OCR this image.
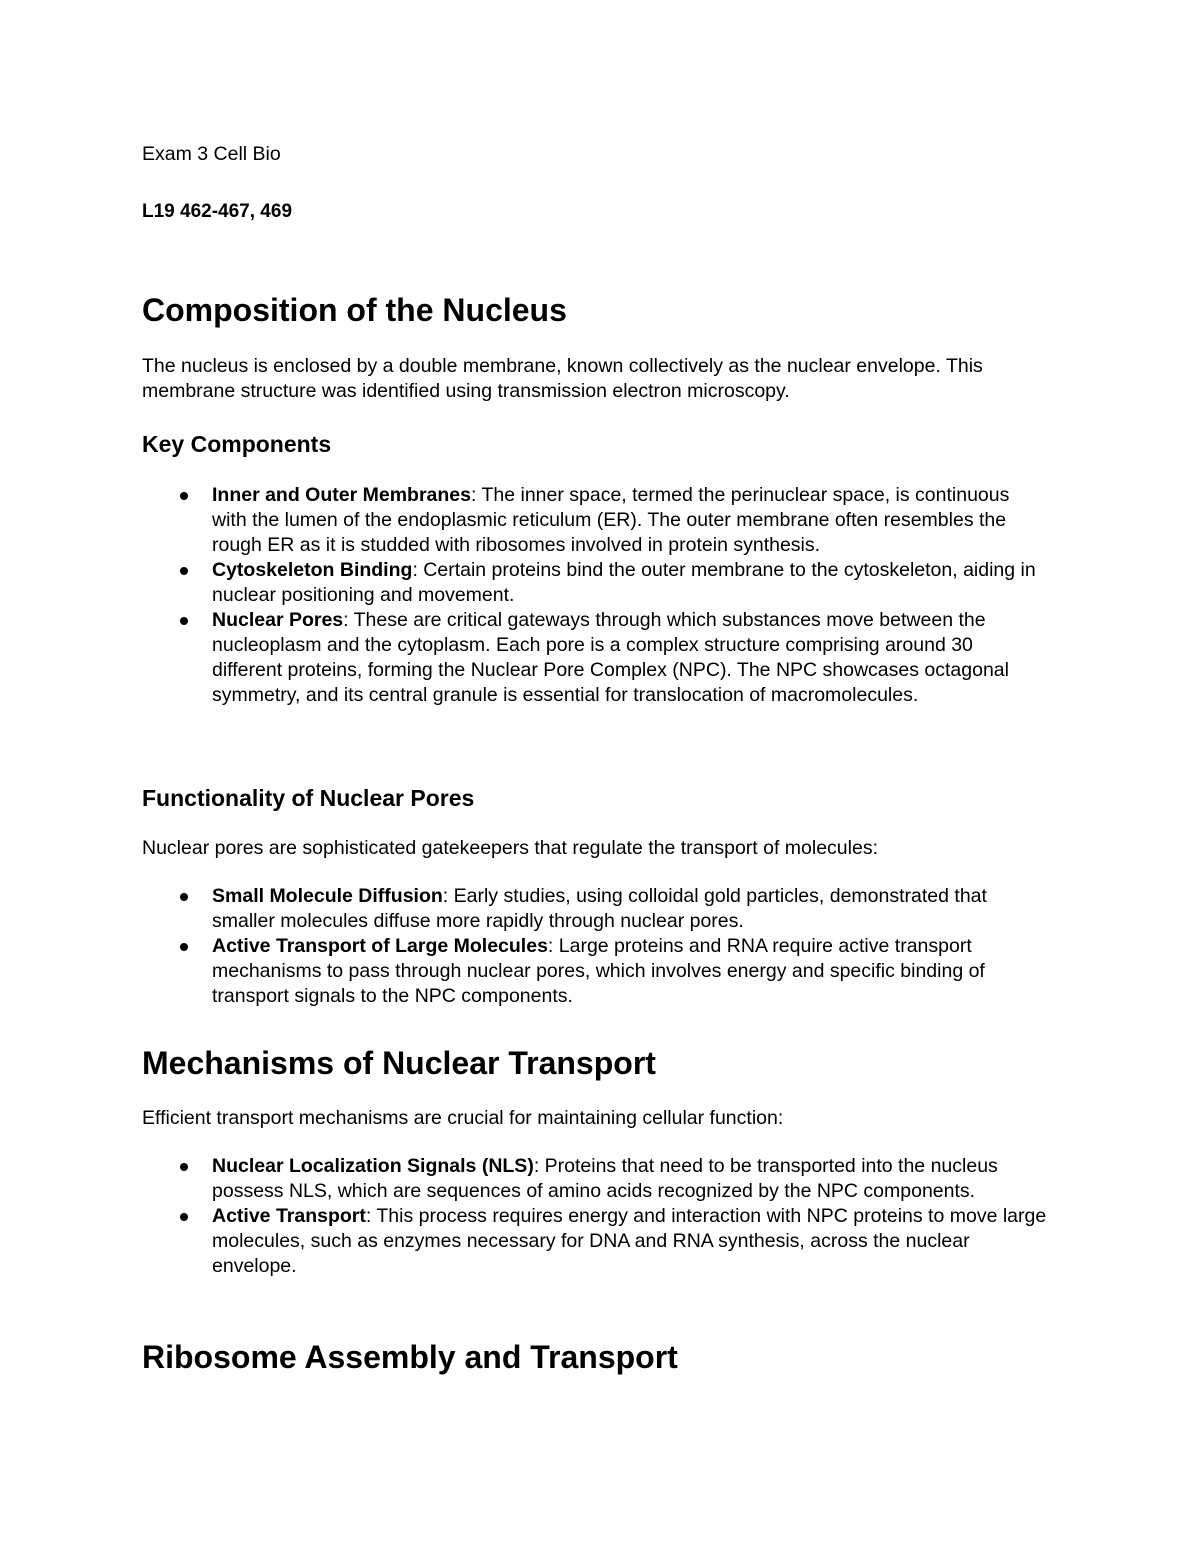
Exam 3 Cell Bio

L19 462-467, 469

Composition of the Nucleus

The nucleus is enclosed by a double membrane, known collectively as the nuclear envelope. This membrane structure was identified using transmission electron microscopy.

Key Components
Inner and Outer Membranes: The inner space, termed the perinuclear space, is continuous with the lumen of the endoplasmic reticulum (ER). The outer membrane often resembles the rough ER as it is studded with ribosomes involved in protein synthesis.
Cytoskeleton Binding: Certain proteins bind the outer membrane to the cytoskeleton, aiding in nuclear positioning and movement.
Nuclear Pores: These are critical gateways through which substances move between the nucleoplasm and the cytoplasm. Each pore is a complex structure comprising around 30 different proteins, forming the Nuclear Pore Complex (NPC). The NPC showcases octagonal symmetry, and its central granule is essential for translocation of macromolecules.
Functionality of Nuclear Pores

Nuclear pores are sophisticated gatekeepers that regulate the transport of molecules:

Small Molecule Diffusion: Early studies, using colloidal gold particles, demonstrated that smaller molecules diffuse more rapidly through nuclear pores.
Active Transport of Large Molecules: Large proteins and RNA require active transport mechanisms to pass through nuclear pores, which involves energy and specific binding of transport signals to the NPC components.
Mechanisms of Nuclear Transport

Efficient transport mechanisms are crucial for maintaining cellular function:

Nuclear Localization Signals (NLS): Proteins that need to be transported into the nucleus possess NLS, which are sequences of amino acids recognized by the NPC components.
Active Transport: This process requires energy and interaction with NPC proteins to move large molecules, such as enzymes necessary for DNA and RNA synthesis, across the nuclear envelope.
Ribosome Assembly and Transport
